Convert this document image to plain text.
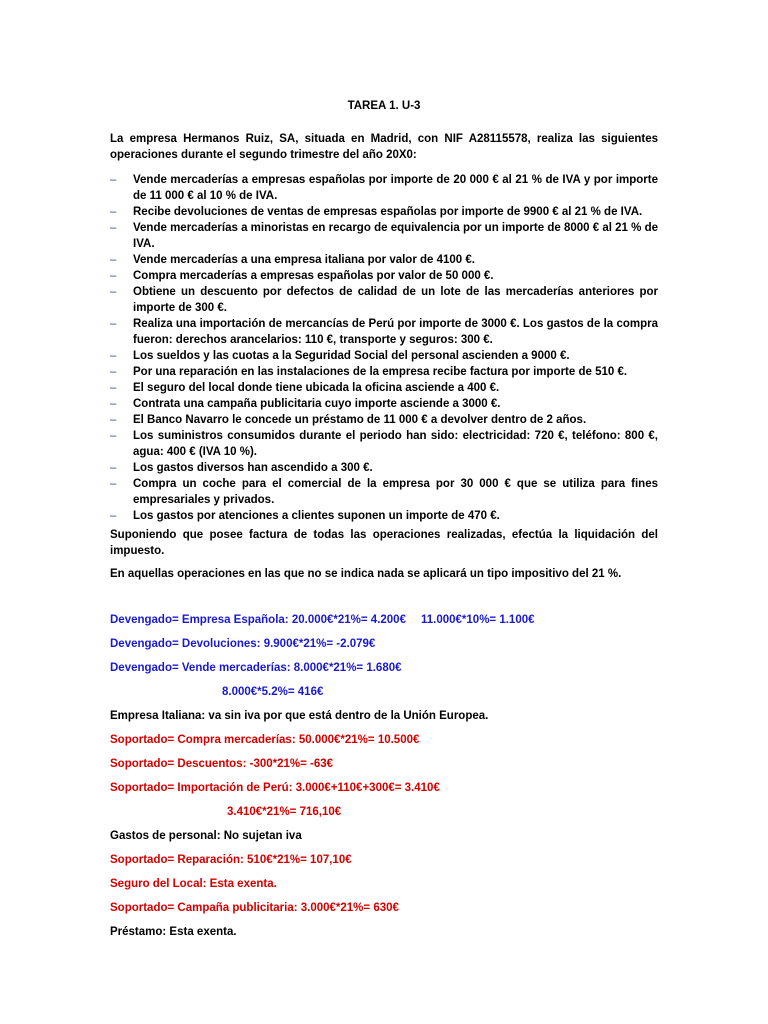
TAREA 1. U-3
La empresa Hermanos Ruiz, SA, situada en Madrid, con NIF A28115578, realiza las siguientes operaciones durante el segundo trimestre del año 20X0:
– Vende mercaderías a empresas españolas por importe de 20 000 € al 21 % de IVA y por importe de 11 000 € al 10 % de IVA.
– Recibe devoluciones de ventas de empresas españolas por importe de 9900 € al 21 % de IVA.
– Vende mercaderías a minoristas en recargo de equivalencia por un importe de 8000 € al 21 % de IVA.
– Vende mercaderías a una empresa italiana por valor de 4100 €.
– Compra mercaderías a empresas españolas por valor de 50 000 €.
– Obtiene un descuento por defectos de calidad de un lote de las mercaderías anteriores por importe de 300 €.
– Realiza una importación de mercancías de Perú por importe de 3000 €. Los gastos de la compra fueron: derechos arancelarios: 110 €, transporte y seguros: 300 €.
– Los sueldos y las cuotas a la Seguridad Social del personal ascienden a 9000 €.
– Por una reparación en las instalaciones de la empresa recibe factura por importe de 510 €.
– El seguro del local donde tiene ubicada la oficina asciende a 400 €.
– Contrata una campaña publicitaria cuyo importe asciende a 3000 €.
– El Banco Navarro le concede un préstamo de 11 000 € a devolver dentro de 2 años.
– Los suministros consumidos durante el periodo han sido: electricidad: 720 €, teléfono: 800 €, agua: 400 € (IVA 10 %).
– Los gastos diversos han ascendido a 300 €.
– Compra un coche para el comercial de la empresa por 30 000 € que se utiliza para fines empresariales y privados.
– Los gastos por atenciones a clientes suponen un importe de 470 €.
Suponiendo que posee factura de todas las operaciones realizadas, efectúa la liquidación del impuesto.
En aquellas operaciones en las que no se indica nada se aplicará un tipo impositivo del 21 %.
Devengado= Empresa Española: 20.000€*21%= 4.200€ 11.000€*10%= 1.100€
Devengado= Devoluciones: 9.900€*21%= -2.079€
Devengado= Vende mercaderías: 8.000€*21%= 1.680€
8.000€*5.2%= 416€
Empresa Italiana: va sin iva por que está dentro de la Unión Europea.
Soportado= Compra mercaderías: 50.000€*21%= 10.500€
Soportado= Descuentos: -300*21%= -63€
Soportado= Importación de Perú: 3.000€+110€+300€= 3.410€
3.410€*21%= 716,10€
Gastos de personal: No sujetan iva
Soportado= Reparación: 510€*21%= 107,10€
Seguro del Local: Esta exenta.
Soportado= Campaña publicitaria: 3.000€*21%= 630€
Préstamo: Esta exenta.
